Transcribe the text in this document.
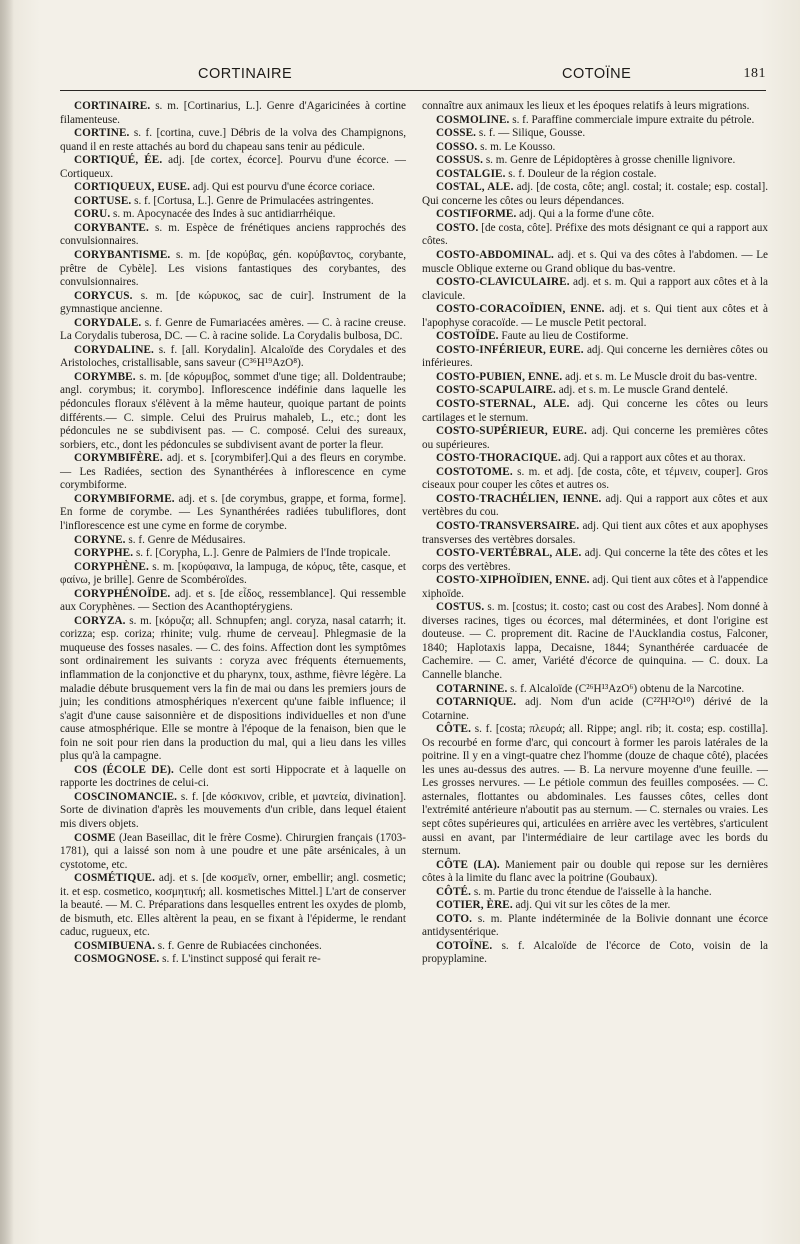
CORTINAIRE	COTOÏNE	181

CORTINAIRE. s. m. [Cortinarius, L.]. Genre d'Agaricinées à cortine filamenteuse.

CORTINE. s. f. [cortina, cuve.] Débris de la volva des Champignons, quand il en reste attachés au bord du chapeau sans tenir au pédicule.

CORTIQUÉ, ÉE. adj. [de cortex, écorce]. Pourvu d'une écorce. — Cortiqueux.

CORTIQUEUX, EUSE. adj. Qui est pourvu d'une écorce coriace.

CORTUSE. s. f. [Cortusa, L.]. Genre de Primulacées astringentes.

CORU. s. m. Apocynacée des Indes à suc antidiarrhéique.

CORYBANTE. s. m. Espèce de frénétiques anciens rapprochés des convulsionnaires.

CORYBANTISME. s. m. [de κορύβας, gén. κορύβαντος, corybante, prêtre de Cybèle]. Les visions fantastiques des corybantes, des convulsionnaires.

CORYCUS. s. m. [de κώρυκος, sac de cuir]. Instrument de la gymnastique ancienne.

CORYDALE. s. f. Genre de Fumariacées amères. — C. à racine creuse. La Corydalis tuberosa, DC. — C. à racine solide. La Corydalis bulbosa, DC.

CORYDALINE. s. f. [all. Korydalin]. Alcaloïde des Corydales et des Aristoloches, cristallisable, sans saveur (C³⁶H¹⁹AzO⁸).

CORYMBE. s. m. [de κόρυμβος, sommet d'une tige; all. Doldentraube; angl. corymbus; it. corymbo]. Inflorescence indéfinie dans laquelle les pédoncules floraux s'élèvent à la même hauteur, quoique partant de points différents.— C. simple. Celui des Pruirus mahaleb, L., etc.; dont les pédoncules ne se subdivisent pas. — C. composé. Celui des sureaux, sorbiers, etc., dont les pédoncules se subdivisent avant de porter la fleur.

CORYMBIFÈRE. adj. et s. [corymbifer].Qui a des fleurs en corymbe. — Les Radiées, section des Synanthérées à inflorescence en cyme corymbiforme.

CORYMBIFORME. adj. et s. [de corymbus, grappe, et forma, forme]. En forme de corymbe. — Les Synanthérées radiées tubuliflores, dont l'inflorescence est une cyme en forme de corymbe.

CORYNE. s. f. Genre de Médusaires.

CORYPHE. s. f. [Corypha, L.]. Genre de Palmiers de l'Inde tropicale.

CORYPHÈNE. s. m. [κορύφαινα, la lampuga, de κόρυς, tête, casque, et φαίνω, je brille]. Genre de Scombéroïdes.

CORYPHÉNOÏDE. adj. et s. [de εἶδος, ressemblance]. Qui ressemble aux Coryphènes. — Section des Acanthoptérygiens.

CORYZA. s. m. [κόρυζα; all. Schnupfen; angl. coryza, nasal catarrh; it. corizza; esp. coriza; rhinite; vulg. rhume de cerveau]. Phlegmasie de la muqueuse des fosses nasales. — C. des foins. Affection dont les symptômes sont ordinairement les suivants : coryza avec fréquents éternuements, inflammation de la conjonctive et du pharynx, toux, asthme, fièvre légère. La maladie débute brusquement vers la fin de mai ou dans les premiers jours de juin; les conditions atmosphériques n'exercent qu'une faible influence; il s'agit d'une cause saisonnière et de dispositions individuelles et non d'une cause atmosphérique. Elle se montre à l'époque de la fenaison, bien que le foin ne soit pour rien dans la production du mal, qui a lieu dans les villes plus qu'à la campagne.

COS (ÉCOLE DE). Celle dont est sorti Hippocrate et à laquelle on rapporte les doctrines de celui-ci.

COSCINOMANCIE. s. f. [de κόσκινον, crible, et μαντεία, divination]. Sorte de divination d'après les mouvements d'un crible, dans lequel étaient mis divers objets.

COSME (Jean Baseillac, dit le frère Cosme). Chirurgien français (1703-1781), qui a laissé son nom à une poudre et une pâte arsénicales, à un cystotome, etc.

COSMÉTIQUE. adj. et s. [de κοσμεῖν, orner, embellir; angl. cosmetic; it. et esp. cosmetico, κοσμητική; all. kosmetisches Mittel.] L'art de conserver la beauté. — M. C. Préparations dans lesquelles entrent les oxydes de plomb, de bismuth, etc. Elles altèrent la peau, en se fixant à l'épiderme, le rendant caduc, rugueux, etc.

COSMIBUENA. s. f. Genre de Rubiacées cinchonées.

COSMOGNOSE. s. f. L'instinct supposé qui ferait re-

connaître aux animaux les lieux et les époques relatifs à leurs migrations.

COSMOLINE. s. f. Paraffine commerciale impure extraite du pétrole.

COSSE. s. f. — Silique, Gousse.

COSSO. s. m. Le Kousso.

COSSUS. s. m. Genre de Lépidoptères à grosse chenille lignivore.

COSTALGIE. s. f. Douleur de la région costale.

COSTAL, ALE. adj. [de costa, côte; angl. costal; it. costale; esp. costal]. Qui concerne les côtes ou leurs dépendances.

COSTIFORME. adj. Qui a la forme d'une côte.

COSTO. [de costa, côte]. Préfixe des mots désignant ce qui a rapport aux côtes.

COSTO-ABDOMINAL. adj. et s. Qui va des côtes à l'abdomen. — Le muscle Oblique externe ou Grand oblique du bas-ventre.

COSTO-CLAVICULAIRE. adj. et s. m. Qui a rapport aux côtes et à la clavicule.

COSTO-CORACOÏDIEN, ENNE. adj. et s. Qui tient aux côtes et à l'apophyse coracoïde. — Le muscle Petit pectoral.

COSTOÏDE. Faute au lieu de Costiforme.

COSTO-INFÉRIEUR, EURE. adj. Qui concerne les dernières côtes ou inférieures.

COSTO-PUBIEN, ENNE. adj. et s. m. Le Muscle droit du bas-ventre.

COSTO-SCAPULAIRE. adj. et s. m. Le muscle Grand dentelé.

COSTO-STERNAL, ALE. adj. Qui concerne les côtes ou leurs cartilages et le sternum.

COSTO-SUPÉRIEUR, EURE. adj. Qui concerne les premières côtes ou supérieures.

COSTO-THORACIQUE. adj. Qui a rapport aux côtes et au thorax.

COSTOTOME. s. m. et adj. [de costa, côte, et τέμνειν, couper]. Gros ciseaux pour couper les côtes et autres os.

COSTO-TRACHÉLIEN, IENNE. adj. Qui a rapport aux côtes et aux vertèbres du cou.

COSTO-TRANSVERSAIRE. adj. Qui tient aux côtes et aux apophyses transverses des vertèbres dorsales.

COSTO-VERTÉBRAL, ALE. adj. Qui concerne la tête des côtes et les corps des vertèbres.

COSTO-XIPHOÏDIEN, ENNE. adj. Qui tient aux côtes et à l'appendice xiphoïde.

COSTUS. s. m. [costus; it. costo; cast ou cost des Arabes]. Nom donné à diverses racines, tiges ou écorces, mal déterminées, et dont l'origine est douteuse. — C. proprement dit. Racine de l'Aucklandia costus, Falconer, 1840; Haplotaxis lappa, Decaisne, 1844; Synanthérée carduacée de Cachemire. — C. amer, Variété d'écorce de quinquina. — C. doux. La Cannelle blanche.

COTARNINE. s. f. Alcaloïde (C²⁶H¹³AzO⁶) obtenu de la Narcotine.

COTARNIQUE. adj. Nom d'un acide (C²²H¹²O¹⁰) dérivé de la Cotarnine.

CÔTE. s. f. [costa; πλευρά; all. Rippe; angl. rib; it. costa; esp. costilla]. Os recourbé en forme d'arc, qui concourt à former les parois latérales de la poitrine. Il y en a vingt-quatre chez l'homme (douze de chaque côté), placées les unes au-dessus des autres. — B. La nervure moyenne d'une feuille. — Les grosses nervures. — Le pétiole commun des feuilles composées. — C. asternales, flottantes ou abdominales. Les fausses côtes, celles dont l'extrémité antérieure n'aboutit pas au sternum. — C. sternales ou vraies. Les sept côtes supérieures qui, articulées en arrière avec les vertèbres, s'articulent aussi en avant, par l'intermédiaire de leur cartilage avec les bords du sternum.

CÔTE (LA). Maniement pair ou double qui repose sur les dernières côtes à la limite du flanc avec la poitrine (Goubaux).

CÔTÉ. s. m. Partie du tronc étendue de l'aisselle à la hanche.

COTIER, ÈRE. adj. Qui vit sur les côtes de la mer.

COTO. s. m. Plante indéterminée de la Bolivie donnant une écorce antidysentérique.

COTOÏNE. s. f. Alcaloïde de l'écorce de Coto, voisin de la propyplamine.
